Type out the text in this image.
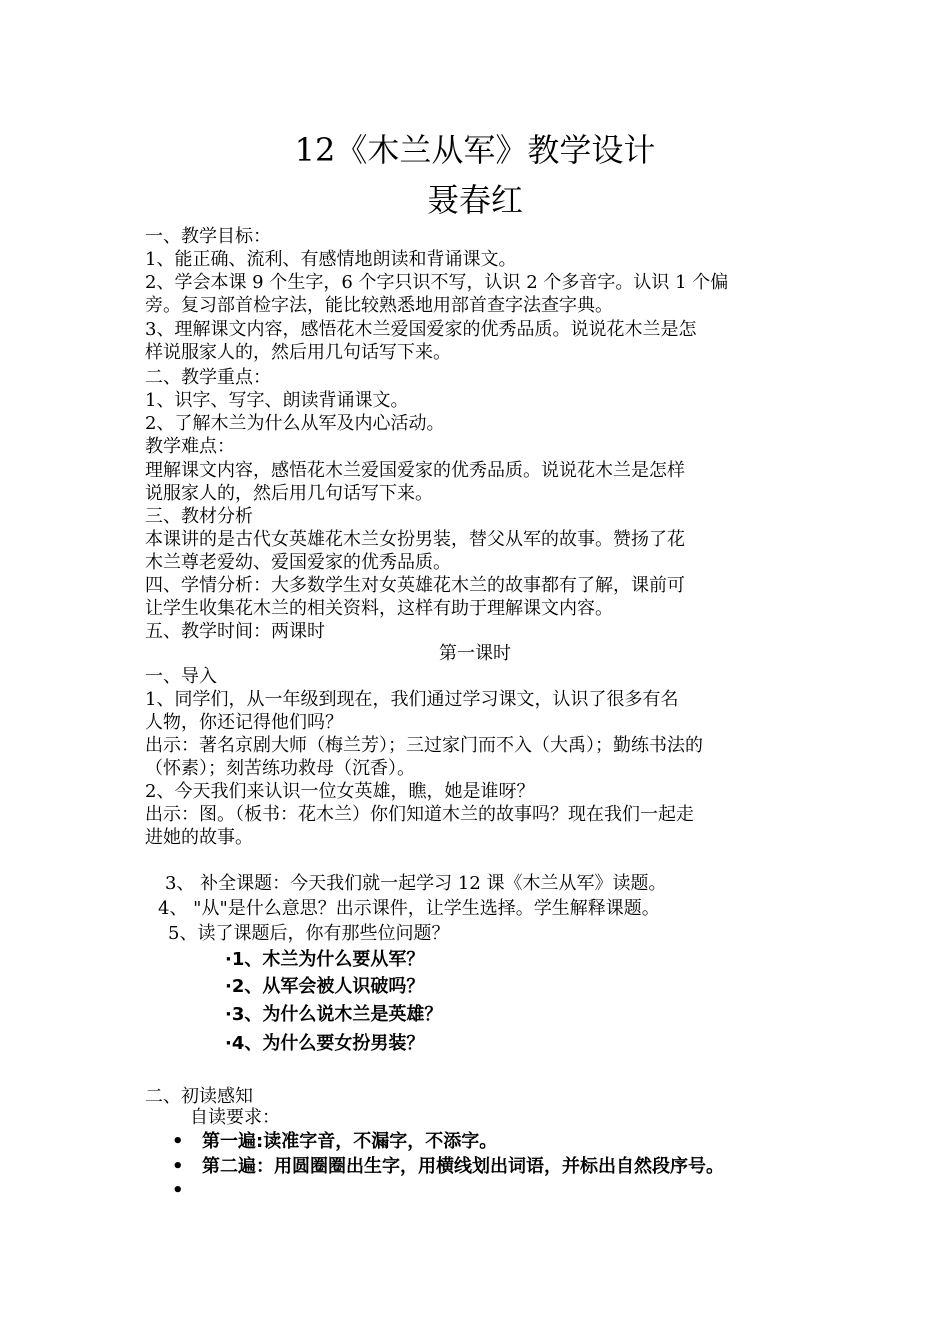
12《木兰从军》教学设计
聂春红
一、教学目标：
1、能正确、流利、有感情地朗读和背诵课文。
2、学会本课 9 个生字，6 个字只识不写，认识 2 个多音字。认识 1 个偏
旁。复习部首检字法，能比较熟悉地用部首查字法查字典。
3、理解课文内容，感悟花木兰爱国爱家的优秀品质。说说花木兰是怎
样说服家人的，然后用几句话写下来。
二、教学重点：
1、识字、写字、朗读背诵课文。
2、了解木兰为什么从军及内心活动。
教学难点：
理解课文内容，感悟花木兰爱国爱家的优秀品质。说说花木兰是怎样
说服家人的，然后用几句话写下来。
三、教材分析
本课讲的是古代女英雄花木兰女扮男装，替父从军的故事。赞扬了花
木兰尊老爱幼、爱国爱家的优秀品质。
四、学情分析：大多数学生对女英雄花木兰的故事都有了解，课前可
让学生收集花木兰的相关资料，这样有助于理解课文内容。
五、教学时间：两课时
第一课时
一、导入
1、同学们，从一年级到现在，我们通过学习课文，认识了很多有名
人物，你还记得他们吗？
出示：著名京剧大师（梅兰芳）；三过家门而不入（大禹）；勤练书法的
（怀素）；刻苦练功救母（沉香）。
2、今天我们来认识一位女英雄，瞧，她是谁呀？
出示：图。（板书：花木兰）你们知道木兰的故事吗？现在我们一起走
进她的故事。
3、 补全课题：今天我们就一起学习 12 课《木兰从军》读题。
4、 "从"是什么意思？出示课件，让学生选择。学生解释课题。
5、读了课题后，你有那些位问题？
·1、木兰为什么要从军？
·2、从军会被人识破吗？
·3、为什么说木兰是英雄？
·4、为什么要女扮男装？
二、初读感知
自读要求：
• 第一遍:读准字音，不漏字，不添字。
• 第二遍：用圆圈圈出生字，用横线划出词语，并标出自然段序号。
•
